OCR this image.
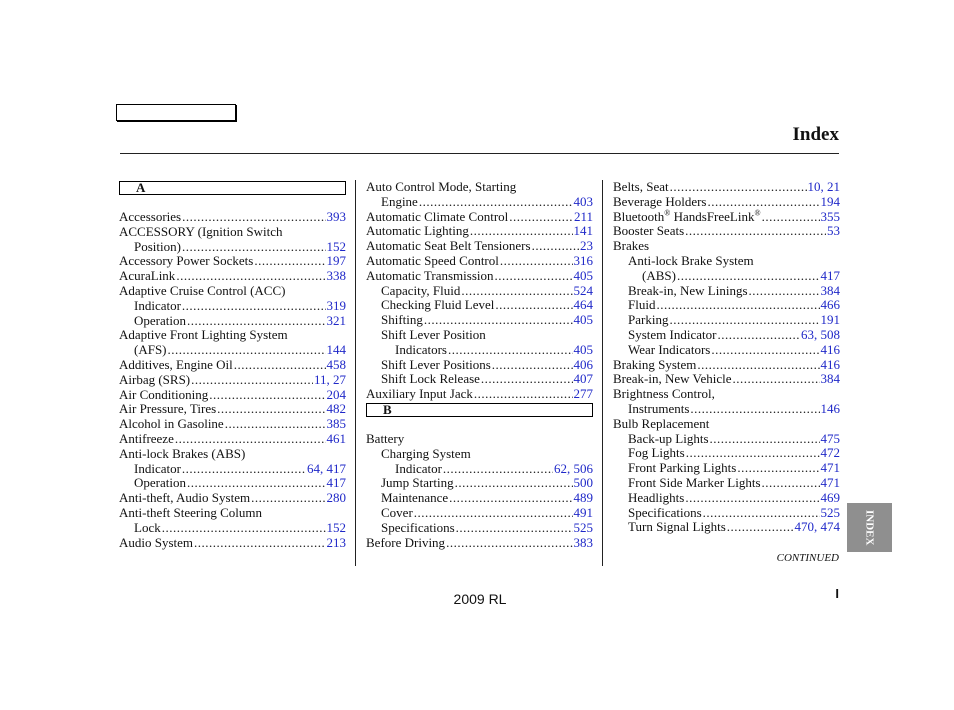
Index
A
Accessories .....	393
ACCESSORY (Ignition Switch
Position) .....	152
Accessory Power Sockets .....	197
AcuraLink .....	338
Adaptive Cruise Control (ACC)
Indicator .....	319
Operation .....	321
Adaptive Front Lighting System
(AFS) .....	144
Additives, Engine Oil .....	458
Airbag (SRS) .....	11, 27
Air Conditioning .....	204
Air Pressure, Tires .....	482
Alcohol in Gasoline .....	385
Antifreeze .....	461
Anti-lock Brakes (ABS)
Indicator .....	64, 417
Operation .....	417
Anti-theft, Audio System .....	280
Anti-theft Steering Column
Lock .....	152
Audio System .....	213
Auto Control Mode, Starting
Engine .....	403
Automatic Climate Control .....	211
Automatic Lighting .....	141
Automatic Seat Belt Tensioners .....	23
Automatic Speed Control .....	316
Automatic Transmission .....	405
Capacity, Fluid .....	524
Checking Fluid Level .....	464
Shifting .....	405
Shift Lever Position
Indicators .....	405
Shift Lever Positions .....	406
Shift Lock Release .....	407
Auxiliary Input Jack .....	277
B
Battery
Charging System
Indicator .....	62, 506
Jump Starting .....	500
Maintenance .....	489
Cover .....	491
Specifications .....	525
Before Driving .....	383
Belts, Seat .....	10, 21
Beverage Holders .....	194
Bluetooth® HandsFreeLink® .....	355
Booster Seats .....	53
Brakes
Anti-lock Brake System
(ABS) .....	417
Break-in, New Linings .....	384
Fluid .....	466
Parking .....	191
System Indicator .....	63, 508
Wear Indicators .....	416
Braking System .....	416
Break-in, New Vehicle .....	384
Brightness Control,
Instruments .....	146
Bulb Replacement
Back-up Lights .....	475
Fog Lights .....	472
Front Parking Lights .....	471
Front Side Marker Lights .....	471
Headlights .....	469
Specifications .....	525
Turn Signal Lights .....	470, 474
CONTINUED
2009 RL	I
INDEX
